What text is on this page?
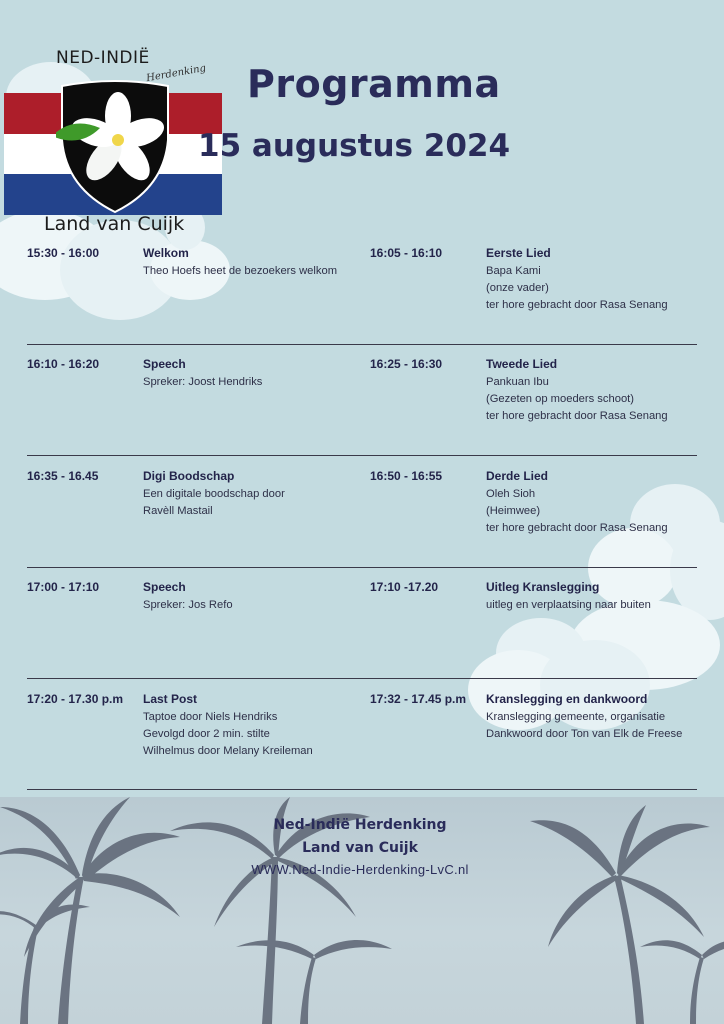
NED-INDIË
Herdenking
Land van Cuijk
Programma
15 augustus 2024
15:30 - 16:00	Welkom
Theo Hoefs heet de bezoekers welkom
16:05 - 16:10	Eerste Lied
Bapa Kami
(onze vader)
ter hore gebracht door Rasa Senang
16:10 - 16:20	Speech
Spreker: Joost Hendriks
16:25 - 16:30	Tweede Lied
Pankuan Ibu
(Gezeten op moeders schoot)
ter hore gebracht door Rasa Senang
16:35 - 16.45	Digi Boodschap
Een digitale boodschap door
Ravèll Mastail
16:50 - 16:55	Derde Lied
Oleh Sioh
(Heimwee)
ter hore gebracht door Rasa Senang
17:00 - 17:10	Speech
Spreker: Jos Refo
17:10 -17.20	Uitleg Kranslegging
uitleg en verplaatsing naar buiten
17:20 - 17.30 p.m Last Post
Taptoe door Niels Hendriks
Gevolgd door 2 min. stilte
Wilhelmus door Melany Kreileman
17:32 - 17.45 p.m Kranslegging en dankwoord
Kranslegging gemeente, organisatie
Dankwoord door Ton van Elk de Freese
Ned-Indië Herdenking
Land van Cuijk
WWW.Ned-Indie-Herdenking-LvC.nl
